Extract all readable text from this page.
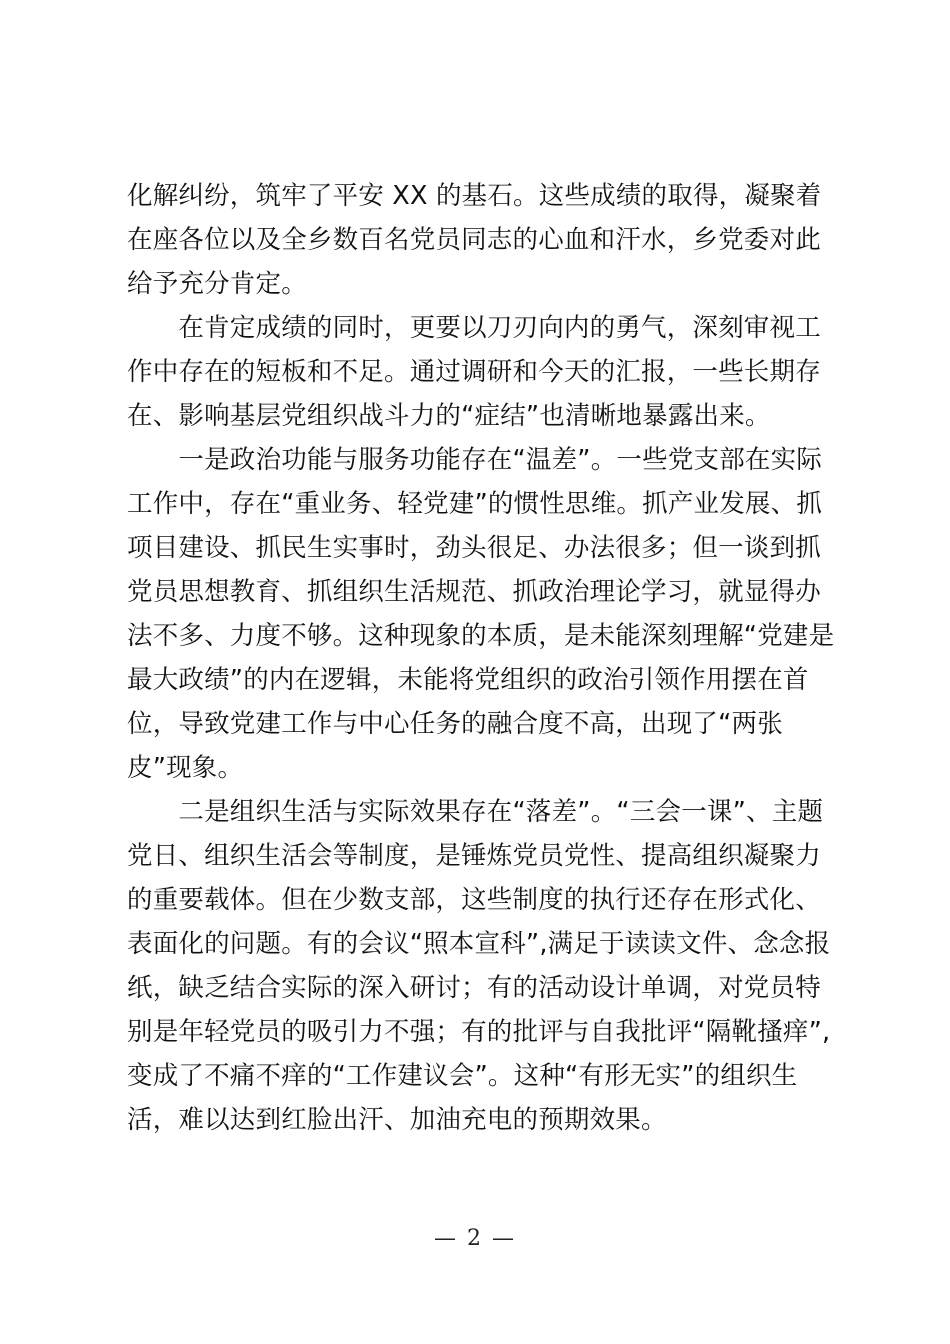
化解纠纷，筑牢了平安 XX 的基石。这些成绩的取得，凝聚着
在座各位以及全乡数百名党员同志的心血和汗水，乡党委对此
给予充分肯定。
　　在肯定成绩的同时，更要以刀刃向内的勇气，深刻审视工
作中存在的短板和不足。通过调研和今天的汇报，一些长期存
在、影响基层党组织战斗力的“症结”也清晰地暴露出来。
　　一是政治功能与服务功能存在“温差”。一些党支部在实际
工作中，存在“重业务、轻党建”的惯性思维。抓产业发展、抓
项目建设、抓民生实事时，劲头很足、办法很多；但一谈到抓
党员思想教育、抓组织生活规范、抓政治理论学习，就显得办
法不多、力度不够。这种现象的本质，是未能深刻理解“党建是
最大政绩”的内在逻辑，未能将党组织的政治引领作用摆在首
位，导致党建工作与中心任务的融合度不高，出现了“两张
皮”现象。
　　二是组织生活与实际效果存在“落差”。“三会一课”、主题
党日、组织生活会等制度，是锤炼党员党性、提高组织凝聚力
的重要载体。但在少数支部，这些制度的执行还存在形式化、
表面化的问题。有的会议“照本宣科”,满足于读读文件、念念报
纸，缺乏结合实际的深入研讨；有的活动设计单调，对党员特
别是年轻党员的吸引力不强；有的批评与自我批评“隔靴搔痒”,
变成了不痛不痒的“工作建议会”。这种“有形无实”的组织生
活，难以达到红脸出汗、加油充电的预期效果。
— 2 —
